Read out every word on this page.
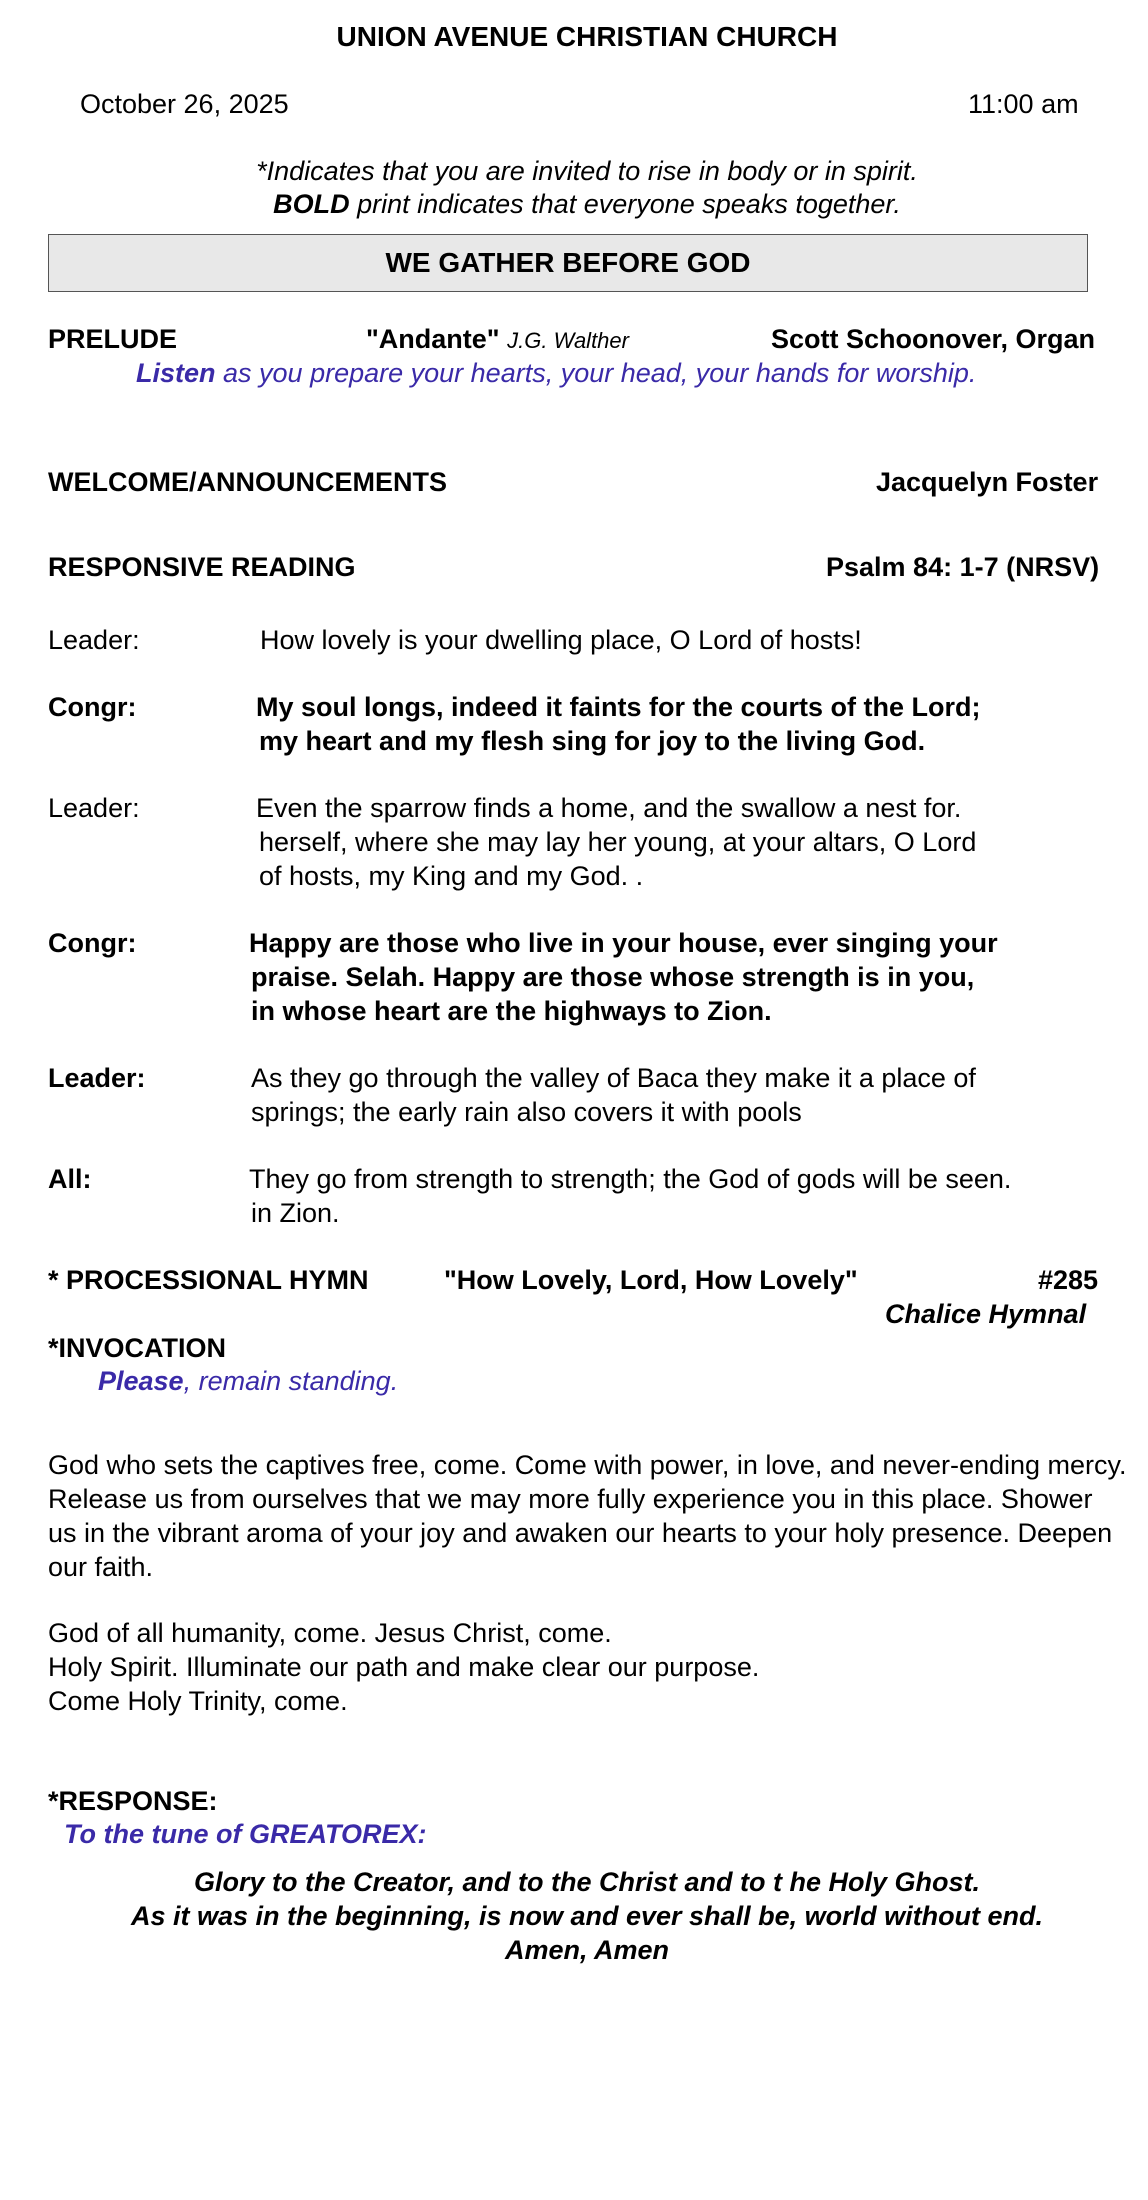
UNION AVENUE CHRISTIAN CHURCH
October 26, 2025	11:00 am
*Indicates that you are invited to rise in body or in spirit.
BOLD print indicates that everyone speaks together.
WE GATHER BEFORE GOD
PRELUDE	"Andante" J.G. Walther	Scott Schoonover, Organ
Listen as you prepare your hearts, your head, your hands for worship.
WELCOME/ANNOUNCEMENTS	Jacquelyn Foster
RESPONSIVE READING	Psalm 84: 1-7 (NRSV)
Leader:	How lovely is your dwelling place, O Lord of hosts!
Congr:	My soul longs, indeed it faints for the courts of the Lord;
my heart and my flesh sing for joy to the living God.
Leader:	Even the sparrow finds a home, and the swallow a nest for.
herself, where she may lay her young, at your altars, O Lord
of hosts, my King and my God. .
Congr:	Happy are those who live in your house, ever singing your
praise. Selah. Happy are those whose strength is in you,
in whose heart are the highways to Zion.
Leader:	As they go through the valley of Baca they make it a place of
springs; the early rain also covers it with pools
All:	They go from strength to strength; the God of gods will be seen.
in Zion.
* PROCESSIONAL HYMN	"How Lovely, Lord, How Lovely"	#285
Chalice Hymnal
*INVOCATION
Please, remain standing.
God who sets the captives free, come. Come with power, in love, and never-ending mercy. Release us from ourselves that we may more fully experience you in this place. Shower us in the vibrant aroma of your joy and awaken our hearts to your holy presence. Deepen our faith.
God of all humanity, come. Jesus Christ, come.
Holy Spirit. Illuminate our path and make clear our purpose.
Come Holy Trinity, come.
*RESPONSE:
To the tune of GREATOREX:
Glory to the Creator, and to the Christ and to t he Holy Ghost.
As it was in the beginning, is now and ever shall be, world without end.
Amen, Amen
